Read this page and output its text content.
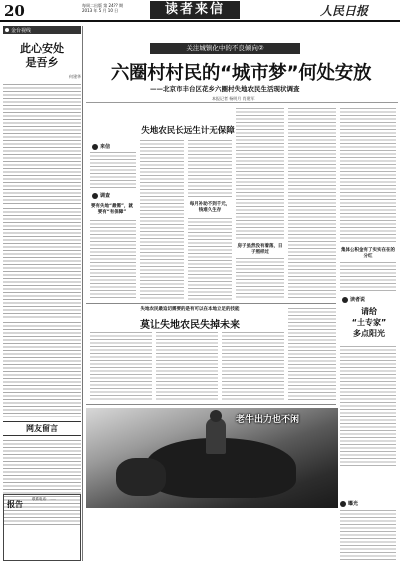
20	每周二出版 第 24?? 期
2013 年 5 月 10 日	读者来信	人民日报
金台视线
此心安处
是吾乡
何建华
网友留言
报告
联系电话：......
关注城镇化中的不良倾向②
六圈村村民的“城市梦”何处安放
——北京市丰台区花乡六圈村失地农民生活现状调查
本报记者 杨明月 肖建军
失地农民长远生计无保障
来信
调查
要有失地“最需”，就要有“有保障”
每月补助不到千元，钱难久生存
房子虽然没有着落，日子照样过	集体公积金有了实实在在的分红
失地农民最迫切需要的是有可以在本地立足的技能
莫让失地农民失掉未来
读者说
请给
“土专家”
多点阳光
老牛出力也不闲
曝光
